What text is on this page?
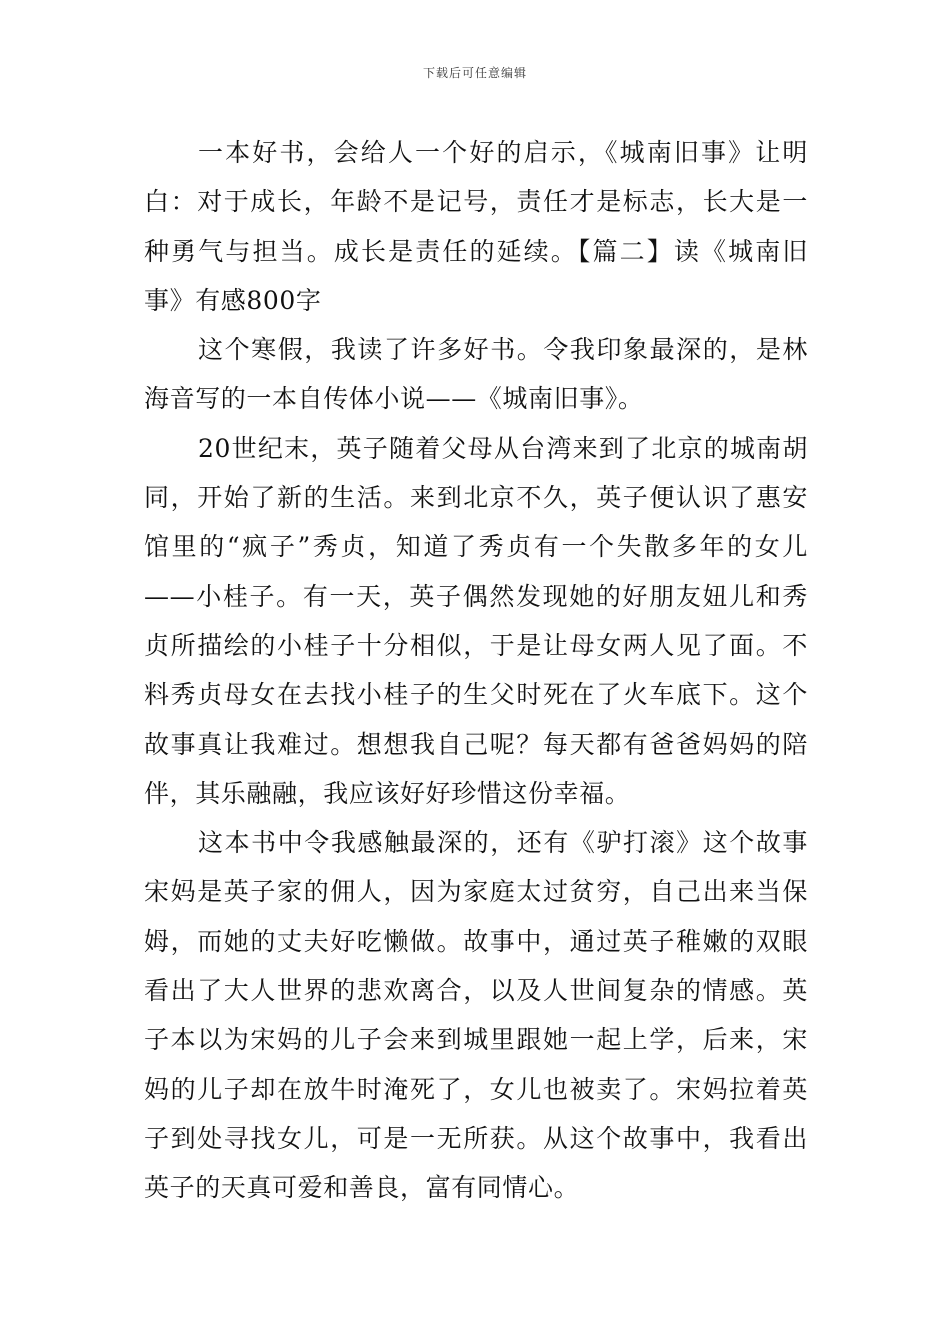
下载后可任意编辑

一本好书，会给人一个好的启示，《城南旧事》让明白：对于成长，年龄不是记号，责任才是标志，长大是一种勇气与担当。成长是责任的延续。【篇二】读《城南旧事》有感800字

这个寒假，我读了许多好书。令我印象最深的，是林海音写的一本自传体小说——《城南旧事》。

20世纪末，英子随着父母从台湾来到了北京的城南胡同，开始了新的生活。来到北京不久，英子便认识了惠安馆里的“疯子”秀贞，知道了秀贞有一个失散多年的女儿——小桂子。有一天，英子偶然发现她的好朋友妞儿和秀贞所描绘的小桂子十分相似，于是让母女两人见了面。不料秀贞母女在去找小桂子的生父时死在了火车底下。这个故事真让我难过。想想我自己呢？每天都有爸爸妈妈的陪伴，其乐融融，我应该好好珍惜这份幸福。

这本书中令我感触最深的，还有《驴打滚》这个故事宋妈是英子家的佣人，因为家庭太过贫穷，自己出来当保姆，而她的丈夫好吃懒做。故事中，通过英子稚嫩的双眼看出了大人世界的悲欢离合，以及人世间复杂的情感。英子本以为宋妈的儿子会来到城里跟她一起上学，后来，宋妈的儿子却在放牛时淹死了，女儿也被卖了。宋妈拉着英子到处寻找女儿，可是一无所获。从这个故事中，我看出英子的天真可爱和善良，富有同情心。
